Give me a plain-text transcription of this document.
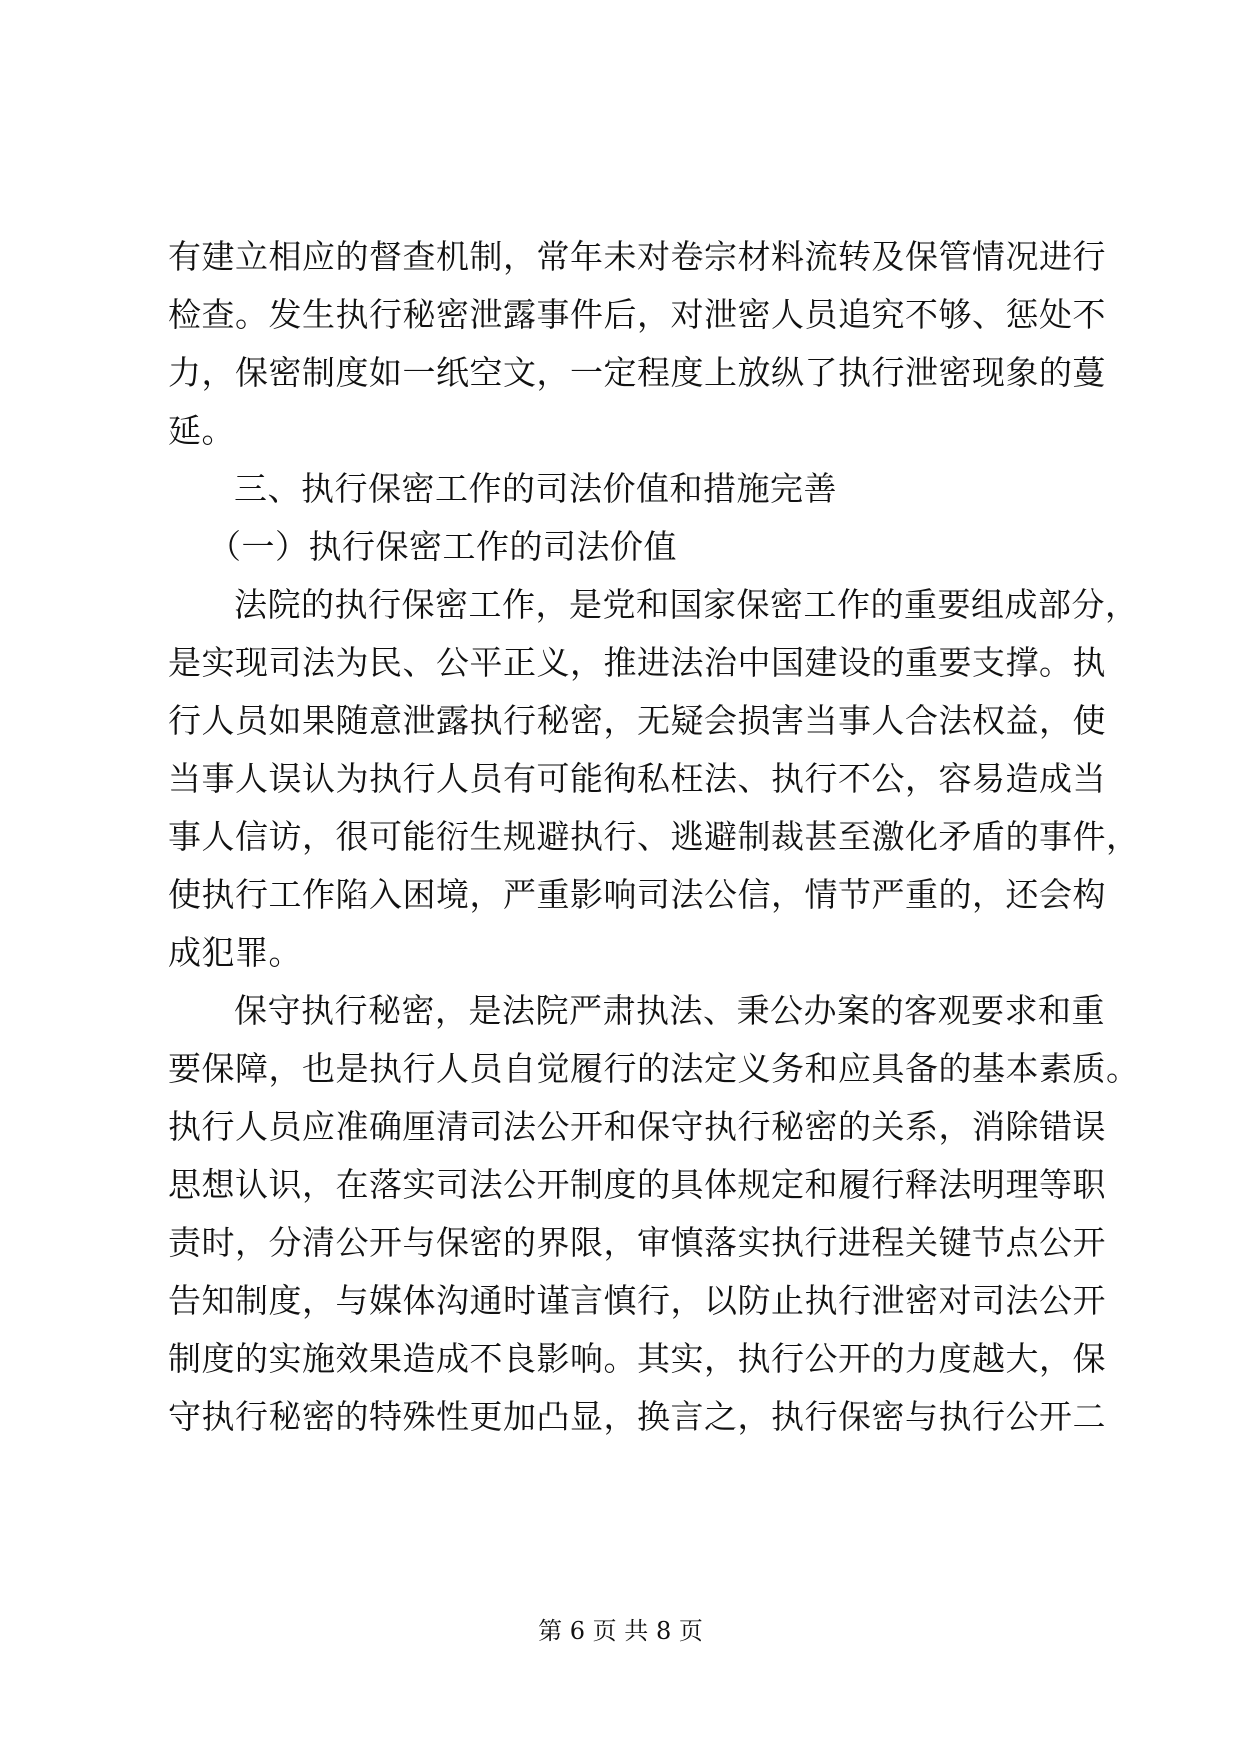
有建立相应的督查机制，常年未对卷宗材料流转及保管情况进行
检查。发生执行秘密泄露事件后，对泄密人员追究不够、惩处不
力，保密制度如一纸空文，一定程度上放纵了执行泄密现象的蔓
延。
三、执行保密工作的司法价值和措施完善
（一）执行保密工作的司法价值
法院的执行保密工作，是党和国家保密工作的重要组成部分，
是实现司法为民、公平正义，推进法治中国建设的重要支撑。执
行人员如果随意泄露执行秘密，无疑会损害当事人合法权益，使
当事人误认为执行人员有可能徇私枉法、执行不公，容易造成当
事人信访，很可能衍生规避执行、逃避制裁甚至激化矛盾的事件，
使执行工作陷入困境，严重影响司法公信，情节严重的，还会构
成犯罪。
保守执行秘密，是法院严肃执法、秉公办案的客观要求和重
要保障，也是执行人员自觉履行的法定义务和应具备的基本素质。
执行人员应准确厘清司法公开和保守执行秘密的关系，消除错误
思想认识，在落实司法公开制度的具体规定和履行释法明理等职
责时，分清公开与保密的界限，审慎落实执行进程关键节点公开
告知制度，与媒体沟通时谨言慎行，以防止执行泄密对司法公开
制度的实施效果造成不良影响。其实，执行公开的力度越大，保
守执行秘密的特殊性更加凸显，换言之，执行保密与执行公开二
第 6 页 共 8 页
